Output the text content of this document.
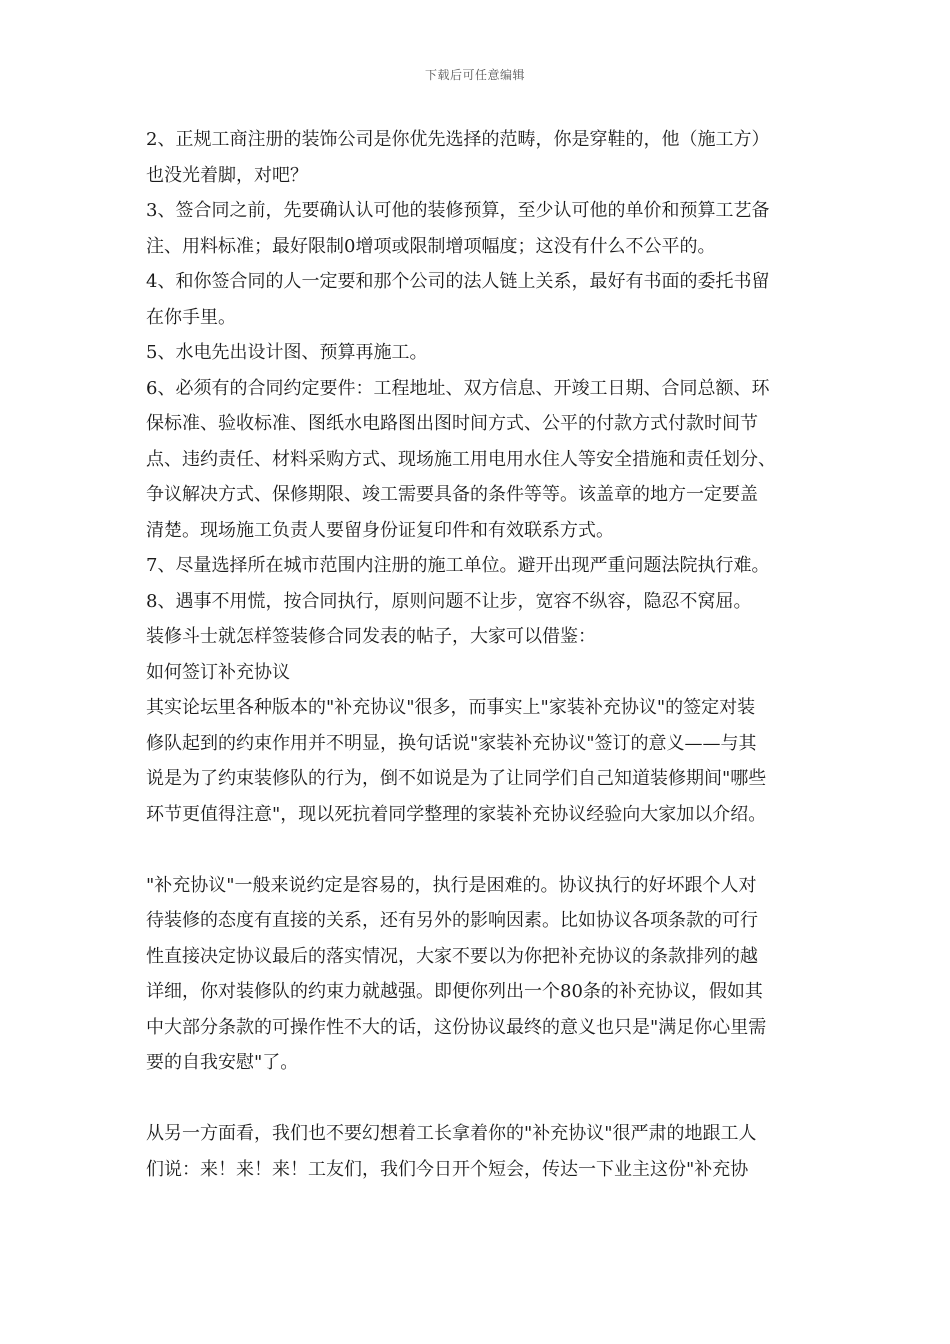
下载后可任意编辑
2、正规工商注册的装饰公司是你优先选择的范畴，你是穿鞋的，他（施工方）
也没光着脚，对吧？
3、签合同之前，先要确认认可他的装修预算，至少认可他的单价和预算工艺备
注、用料标准；最好限制0增项或限制增项幅度；这没有什么不公平的。
4、和你签合同的人一定要和那个公司的法人链上关系，最好有书面的委托书留
在你手里。
5、水电先出设计图、预算再施工。
6、必须有的合同约定要件：工程地址、双方信息、开竣工日期、合同总额、环
保标准、验收标准、图纸水电路图出图时间方式、公平的付款方式付款时间节
点、违约责任、材料采购方式、现场施工用电用水住人等安全措施和责任划分、
争议解决方式、保修期限、竣工需要具备的条件等等。该盖章的地方一定要盖
清楚。现场施工负责人要留身份证复印件和有效联系方式。
7、尽量选择所在城市范围内注册的施工单位。避开出现严重问题法院执行难。
8、遇事不用慌，按合同执行，原则问题不让步，宽容不纵容，隐忍不窝屈。
装修斗士就怎样签装修合同发表的帖子，大家可以借鉴：
如何签订补充协议
其实论坛里各种版本的"补充协议"很多，而事实上"家装补充协议"的签定对装
修队起到的约束作用并不明显，换句话说"家装补充协议"签订的意义——与其
说是为了约束装修队的行为，倒不如说是为了让同学们自己知道装修期间"哪些
环节更值得注意"，现以死抗着同学整理的家装补充协议经验向大家加以介绍。
"补充协议"一般来说约定是容易的，执行是困难的。协议执行的好坏跟个人对
待装修的态度有直接的关系，还有另外的影响因素。比如协议各项条款的可行
性直接决定协议最后的落实情况，大家不要以为你把补充协议的条款排列的越
详细，你对装修队的约束力就越强。即便你列出一个80条的补充协议，假如其
中大部分条款的可操作性不大的话，这份协议最终的意义也只是"满足你心里需
要的自我安慰"了。
从另一方面看，我们也不要幻想着工长拿着你的"补充协议"很严肃的地跟工人
们说：来！来！来！工友们，我们今日开个短会，传达一下业主这份"补充协
